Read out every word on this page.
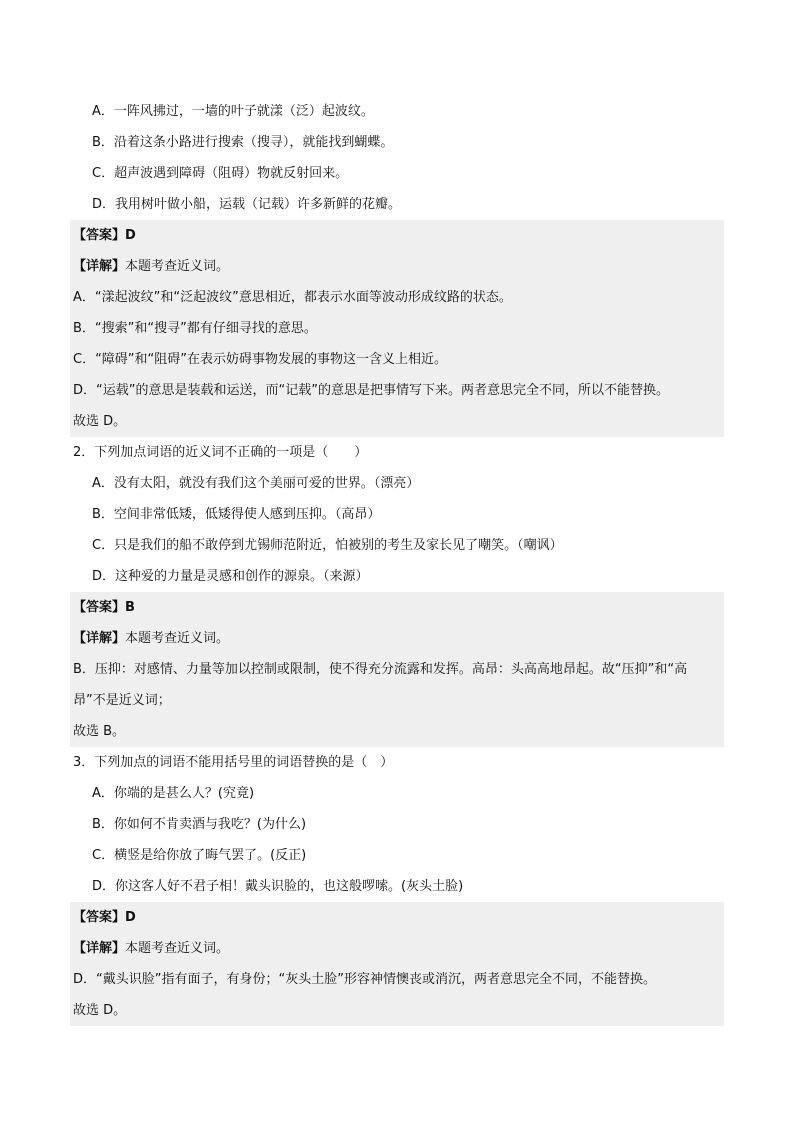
A．一阵风拂过，一墙的叶子就漾（泛）起波纹。
B．沿着这条小路进行搜索（搜寻），就能找到蝴蝶。
C．超声波遇到障碍（阻碍）物就反射回来。
D．我用树叶做小船，运载（记载）许多新鲜的花瓣。
【答案】D
【详解】本题考查近义词。
A．“漾起波纹”和“泛起波纹”意思相近，都表示水面等波动形成纹路的状态。
B．“搜索”和“搜寻”都有仔细寻找的意思。
C．“障碍”和“阻碍”在表示妨碍事物发展的事物这一含义上相近。
D．“运载”的意思是装载和运送，而“记载”的意思是把事情写下来。两者意思完全不同，所以不能替换。
故选 D。
2．下列加点词语的近义词不正确的一项是（　　）
A．没有太阳，就没有我们这个美丽可爱的世界。（漂亮）
B．空间非常低矮，低矮得使人感到压抑。（高昂）
C．只是我们的船不敢停到尤锡师范附近，怕被别的考生及家长见了嘲笑。（嘲讽）
D．这种爱的力量是灵感和创作的源泉。（来源）
【答案】B
【详解】本题考查近义词。
B．压抑：对感情、力量等加以控制或限制，使不得充分流露和发挥。高昂：头高高地昂起。故“压抑”和“高
昂”不是近义词；
故选 B。
3．下列加点的词语不能用括号里的词语替换的是（　）
A．你端的是甚么人？(究竟)
B．你如何不肯卖酒与我吃？(为什么)
C．横竖是给你放了晦气罢了。(反正)
D．你这客人好不君子相！戴头识脸的，也这般啰嗦。(灰头土脸)
【答案】D
【详解】本题考查近义词。
D．“戴头识脸”指有面子，有身份；“灰头土脸”形容神情懊丧或消沉，两者意思完全不同，不能替换。
故选 D。
